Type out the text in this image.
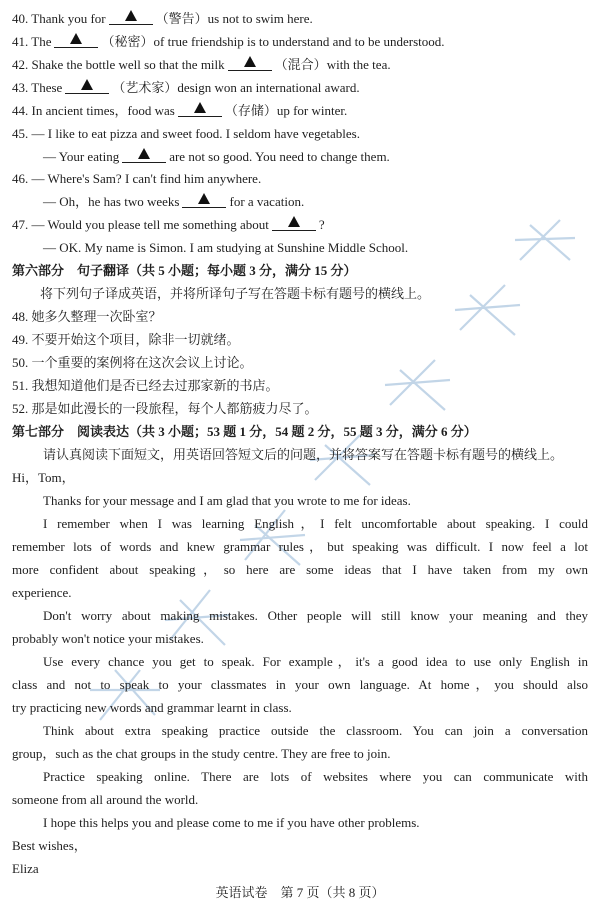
40. Thank you for	（警告）us not to swim here.
41. The	（秘密）of true friendship is to understand and to be understood.
42. Shake the bottle well so that the milk	（混合）with the tea.
43. These	（艺术家）design won an international award.
44. In ancient times，food was	（存储）up for winter.
45. — I like to eat pizza and sweet food. I seldom have vegetables.
— Your eating	are not so good. You need to change them.
46. — Where's Sam? I can't find him anywhere.
— Oh，he has two weeks	for a vacation.
47. — Would you please tell me something about	?
— OK. My name is Simon. I am studying at Sunshine Middle School.
第六部分　句子翻译（共 5 小题；每小题 3 分，满分 15 分）
将下列句子译成英语，并将所译句子写在答题卡标有题号的横线上。
48. 她多久整理一次卧室？
49. 不要开始这个项目，除非一切就绪。
50. 一个重要的案例将在这次会议上讨论。
51. 我想知道他们是否已经去过那家新的书店。
52. 那是如此漫长的一段旅程，每个人都筋疲力尽了。
第七部分　阅读表达（共 3 小题；53 题 1 分，54 题 2 分，55 题 3 分，满分 6 分）
请认真阅读下面短文，用英语回答短文后的问题，并将答案写在答题卡标有题号的横线上。
Hi，Tom，
Thanks for your message and I am glad that you wrote to me for ideas.
I remember when I was learning English，I felt uncomfortable about speaking. I could
remember lots of words and knew grammar rules，but speaking was difficult. I now feel a lot
more confident about speaking，so here are some ideas that I have taken from my own
experience.
Don't worry about making mistakes. Other people will still know your meaning and they
probably won't notice your mistakes.
Use every chance you get to speak. For example，it's a good idea to use only English in
class and not to speak to your classmates in your own language. At home，you should also
try practicing new words and grammar learnt in class.
Think about extra speaking practice outside the classroom. You can join a conversation
group，such as the chat groups in the study centre. They are free to join.
Practice speaking online. There are lots of websites where you can communicate with
someone from all around the world.
I hope this helps you and please come to me if you have other problems.
Best wishes，
Eliza
英语试卷　第 7 页（共 8 页）
